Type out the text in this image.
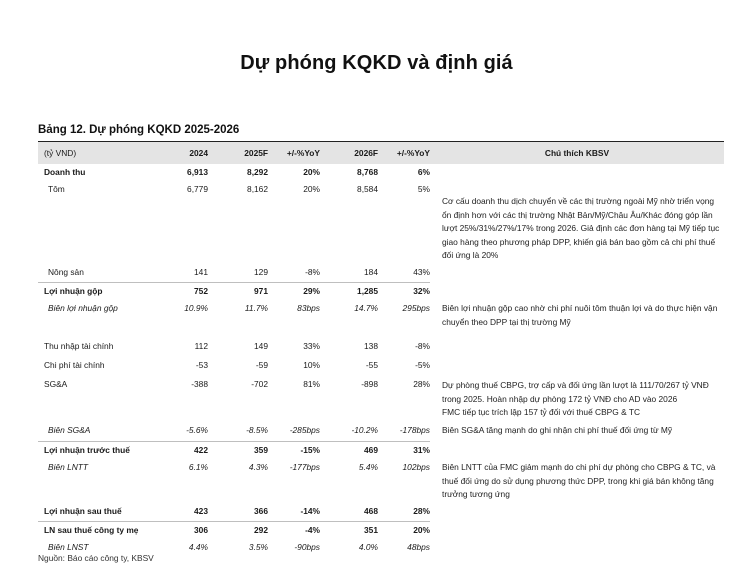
Dự phóng KQKD và định giá
Bảng 12. Dự phóng KQKD 2025-2026
(tỷ VND)	2024	2025F	+/-%YoY	2026F	+/-%YoY	Chú thích KBSV
Doanh thu	6,913	8,292	20%	8,768	6%	
Tôm	6,779	8,162	20%	8,584	5%	Cơ cấu doanh thu dịch chuyển về các thị trường ngoài Mỹ nhờ triển vọng ổn định hơn với các thị trường Nhật Bản/Mỹ/Châu Âu/Khác đóng góp lần lượt 25%/31%/27%/17% trong 2026. Giả định các đơn hàng tại Mỹ tiếp tục giao hàng theo phương pháp DPP, khiến giá bán bao gồm cả chi phí thuế đối ứng là 20%
Nông sản	141	129	-8%	184	43%	
Lợi nhuận gộp	752	971	29%	1,285	32%	
Biên lợi nhuận gộp	10.9%	11.7%	83bps	14.7%	295bps	Biên lợi nhuận gộp cao nhờ chi phí nuôi tôm thuận lợi và do thực hiện vận chuyển theo DPP tại thị trường Mỹ
Thu nhập tài chính	112	149	33%	138	-8%	
Chi phí tài chính	-53	-59	10%	-55	-5%	
SG&A	-388	-702	81%	-898	28%	Dự phòng thuế CBPG, trợ cấp và đối ứng lần lượt là 111/70/267 tỷ VNĐ trong 2025. Hoàn nhập dự phòng 172 tỷ VNĐ cho AD vào 2026
FMC tiếp tục trích lập 157 tỷ đối với thuế CBPG & TC
Biên SG&A	-5.6%	-8.5%	-285bps	-10.2%	-178bps	Biên SG&A tăng mạnh do ghi nhận chi phí thuế đối ứng từ Mỹ
Lợi nhuận trước thuế	422	359	-15%	469	31%	
Biên LNTT	6.1%	4.3%	-177bps	5.4%	102bps	Biên LNTT của FMC giảm mạnh do chi phí dự phòng cho CBPG & TC, và thuế đối ứng do sử dụng phương thức DPP, trong khi giá bán không tăng trưởng tương ứng
Lợi nhuận sau thuế	423	366	-14%	468	28%	
LN sau thuế công ty mẹ	306	292	-4%	351	20%	
Biên LNST	4.4%	3.5%	-90bps	4.0%	48bps	
Nguồn: Báo cáo công ty, KBSV
